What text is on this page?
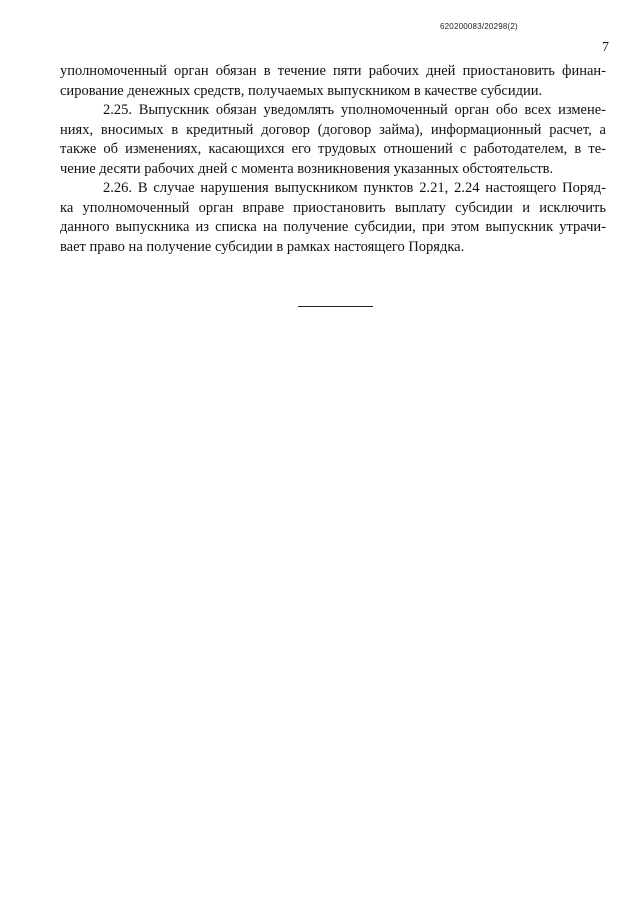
620200083/20298(2)
7
уполномоченный орган обязан в течение пяти рабочих дней приостановить финан-
сирование денежных средств, получаемых выпускником в качестве субсидии.
2.25. Выпускник обязан уведомлять уполномоченный орган обо всех измене-
ниях, вносимых в кредитный договор (договор займа), информационный расчет, а
также об изменениях, касающихся его трудовых отношений с работодателем, в те-
чение десяти рабочих дней с момента возникновения указанных обстоятельств.
2.26. В случае нарушения выпускником пунктов 2.21, 2.24 настоящего Поряд-
ка уполномоченный орган вправе приостановить выплату субсидии и исключить
данного выпускника из списка на получение субсидии, при этом выпускник утрачи-
вает право на получение субсидии в рамках настоящего Порядка.
